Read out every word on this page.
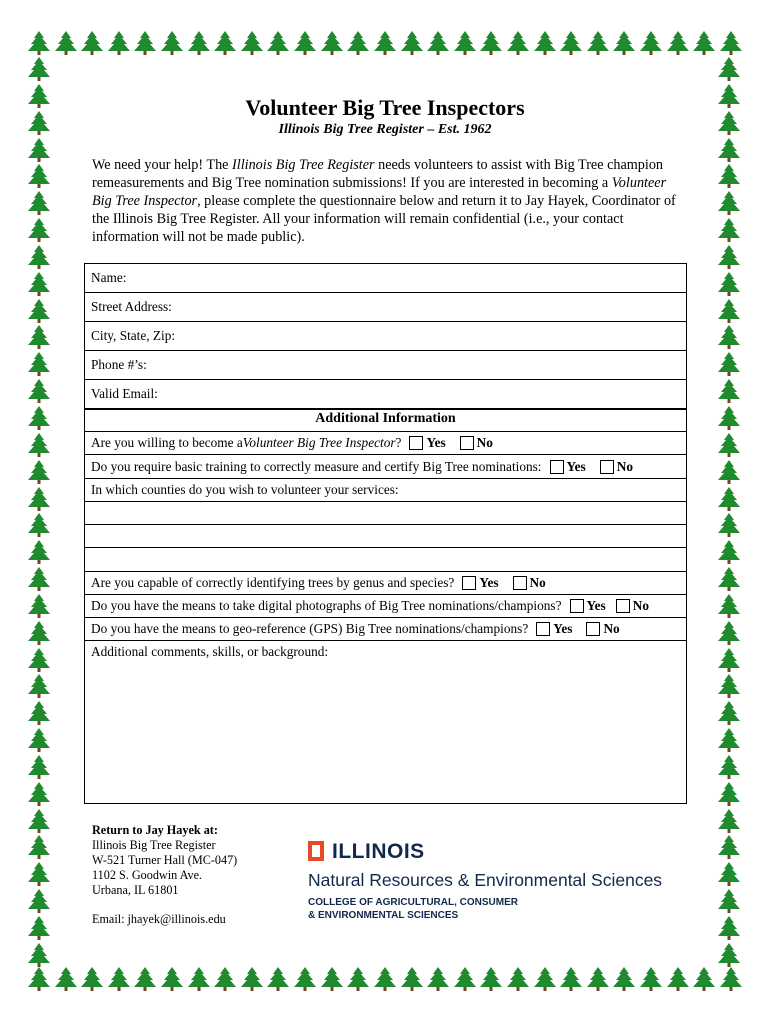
Volunteer Big Tree Inspectors
Illinois Big Tree Register – Est. 1962
We need your help! The Illinois Big Tree Register needs volunteers to assist with Big Tree champion remeasurements and Big Tree nomination submissions! If you are interested in becoming a Volunteer Big Tree Inspector, please complete the questionnaire below and return it to Jay Hayek, Coordinator of the Illinois Big Tree Register. All your information will remain confidential (i.e., your contact information will not be made public).
Name:
Street Address:
City, State, Zip:
Phone #’s:
Valid Email:
Additional Information
Are you willing to become a Volunteer Big Tree Inspector ? Yes No
Do you require basic training to correctly measure and certify Big Tree nominations: Yes No
In which counties do you wish to volunteer your services:
Are you capable of correctly identifying trees by genus and species? Yes No
Do you have the means to take digital photographs of Big Tree nominations/champions? Yes No
Do you have the means to geo-reference (GPS) Big Tree nominations/champions? Yes No
Additional comments, skills, or background:
Return to Jay Hayek at:
Illinois Big Tree Register
W-521 Turner Hall (MC-047)
1102 S. Goodwin Ave.
Urbana, IL 61801
Email: jhayek@illinois.edu
ILLINOIS
Natural Resources & Environmental Sciences
COLLEGE OF AGRICULTURAL, CONSUMER
& ENVIRONMENTAL SCIENCES
